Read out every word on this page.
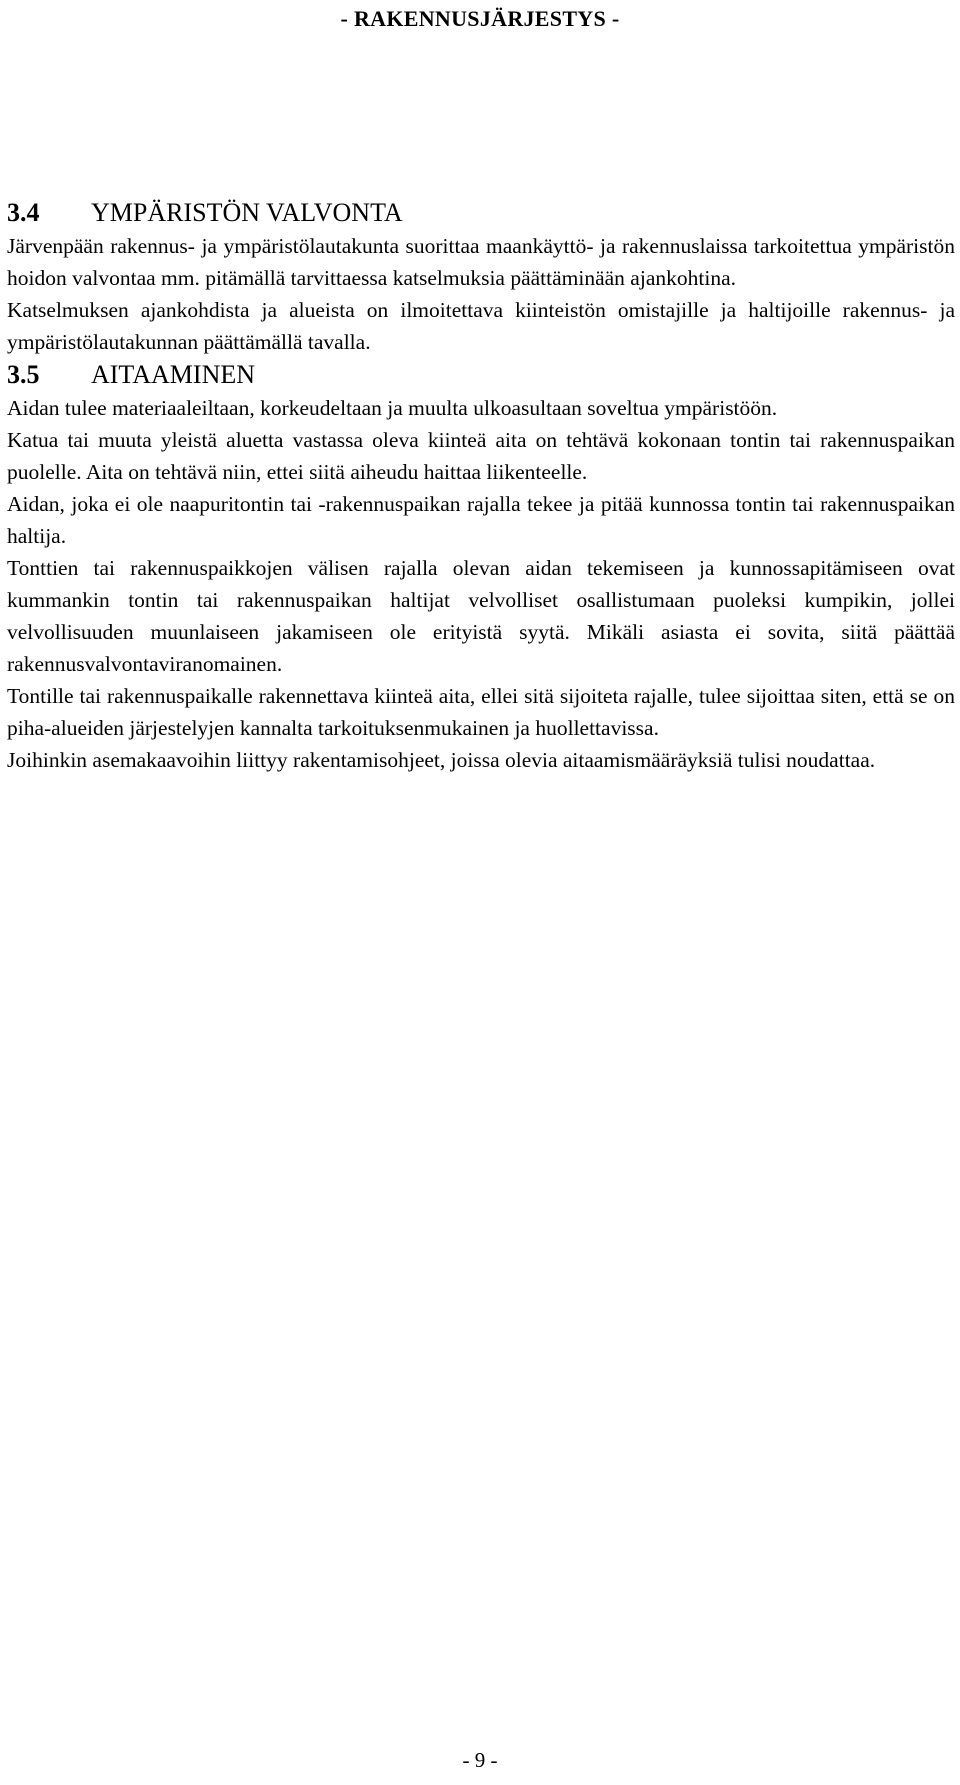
- RAKENNUSJÄRJESTYS -
3.4 YMPÄRISTÖN VALVONTA

Järvenpään rakennus- ja ympäristölautakunta suorittaa maankäyttö- ja rakennuslaissa tarkoitettua ympäristön hoidon valvontaa mm. pitämällä tarvittaessa katselmuksia päättäminään ajankohtina.

Katselmuksen ajankohdista ja alueista on ilmoitettava kiinteistön omistajille ja haltijoille rakennus- ja ympäristölautakunnan päättämällä tavalla.

3.5 AITAAMINEN

Aidan tulee materiaaleiltaan, korkeudeltaan ja muulta ulkoasultaan soveltua ympäristöön.

Katua tai muuta yleistä aluetta vastassa oleva kiinteä aita on tehtävä kokonaan tontin tai rakennuspaikan puolelle. Aita on tehtävä niin, ettei siitä aiheudu haittaa liikenteelle.

Aidan, joka ei ole naapuritontin tai -rakennuspaikan rajalla tekee ja pitää kunnossa tontin tai rakennuspaikan haltija.

Tonttien tai rakennuspaikkojen välisen rajalla olevan aidan tekemiseen ja kunnossapitämiseen ovat kummankin tontin tai rakennuspaikan haltijat velvolliset osallistumaan puoleksi kumpikin, jollei velvollisuuden muunlaiseen jakamiseen ole erityistä syytä. Mikäli asiasta ei sovita, siitä päättää rakennusvalvontaviranomainen.

Tontille tai rakennuspaikalle rakennettava kiinteä aita, ellei sitä sijoiteta rajalle, tulee sijoittaa siten, että se on piha-alueiden järjestelyjen kannalta tarkoituksenmukainen ja huollettavissa.

Joihinkin asemakaavoihin liittyy rakentamisohjeet, joissa olevia aitaamismääräyksiä tulisi noudattaa.

- 9 -
